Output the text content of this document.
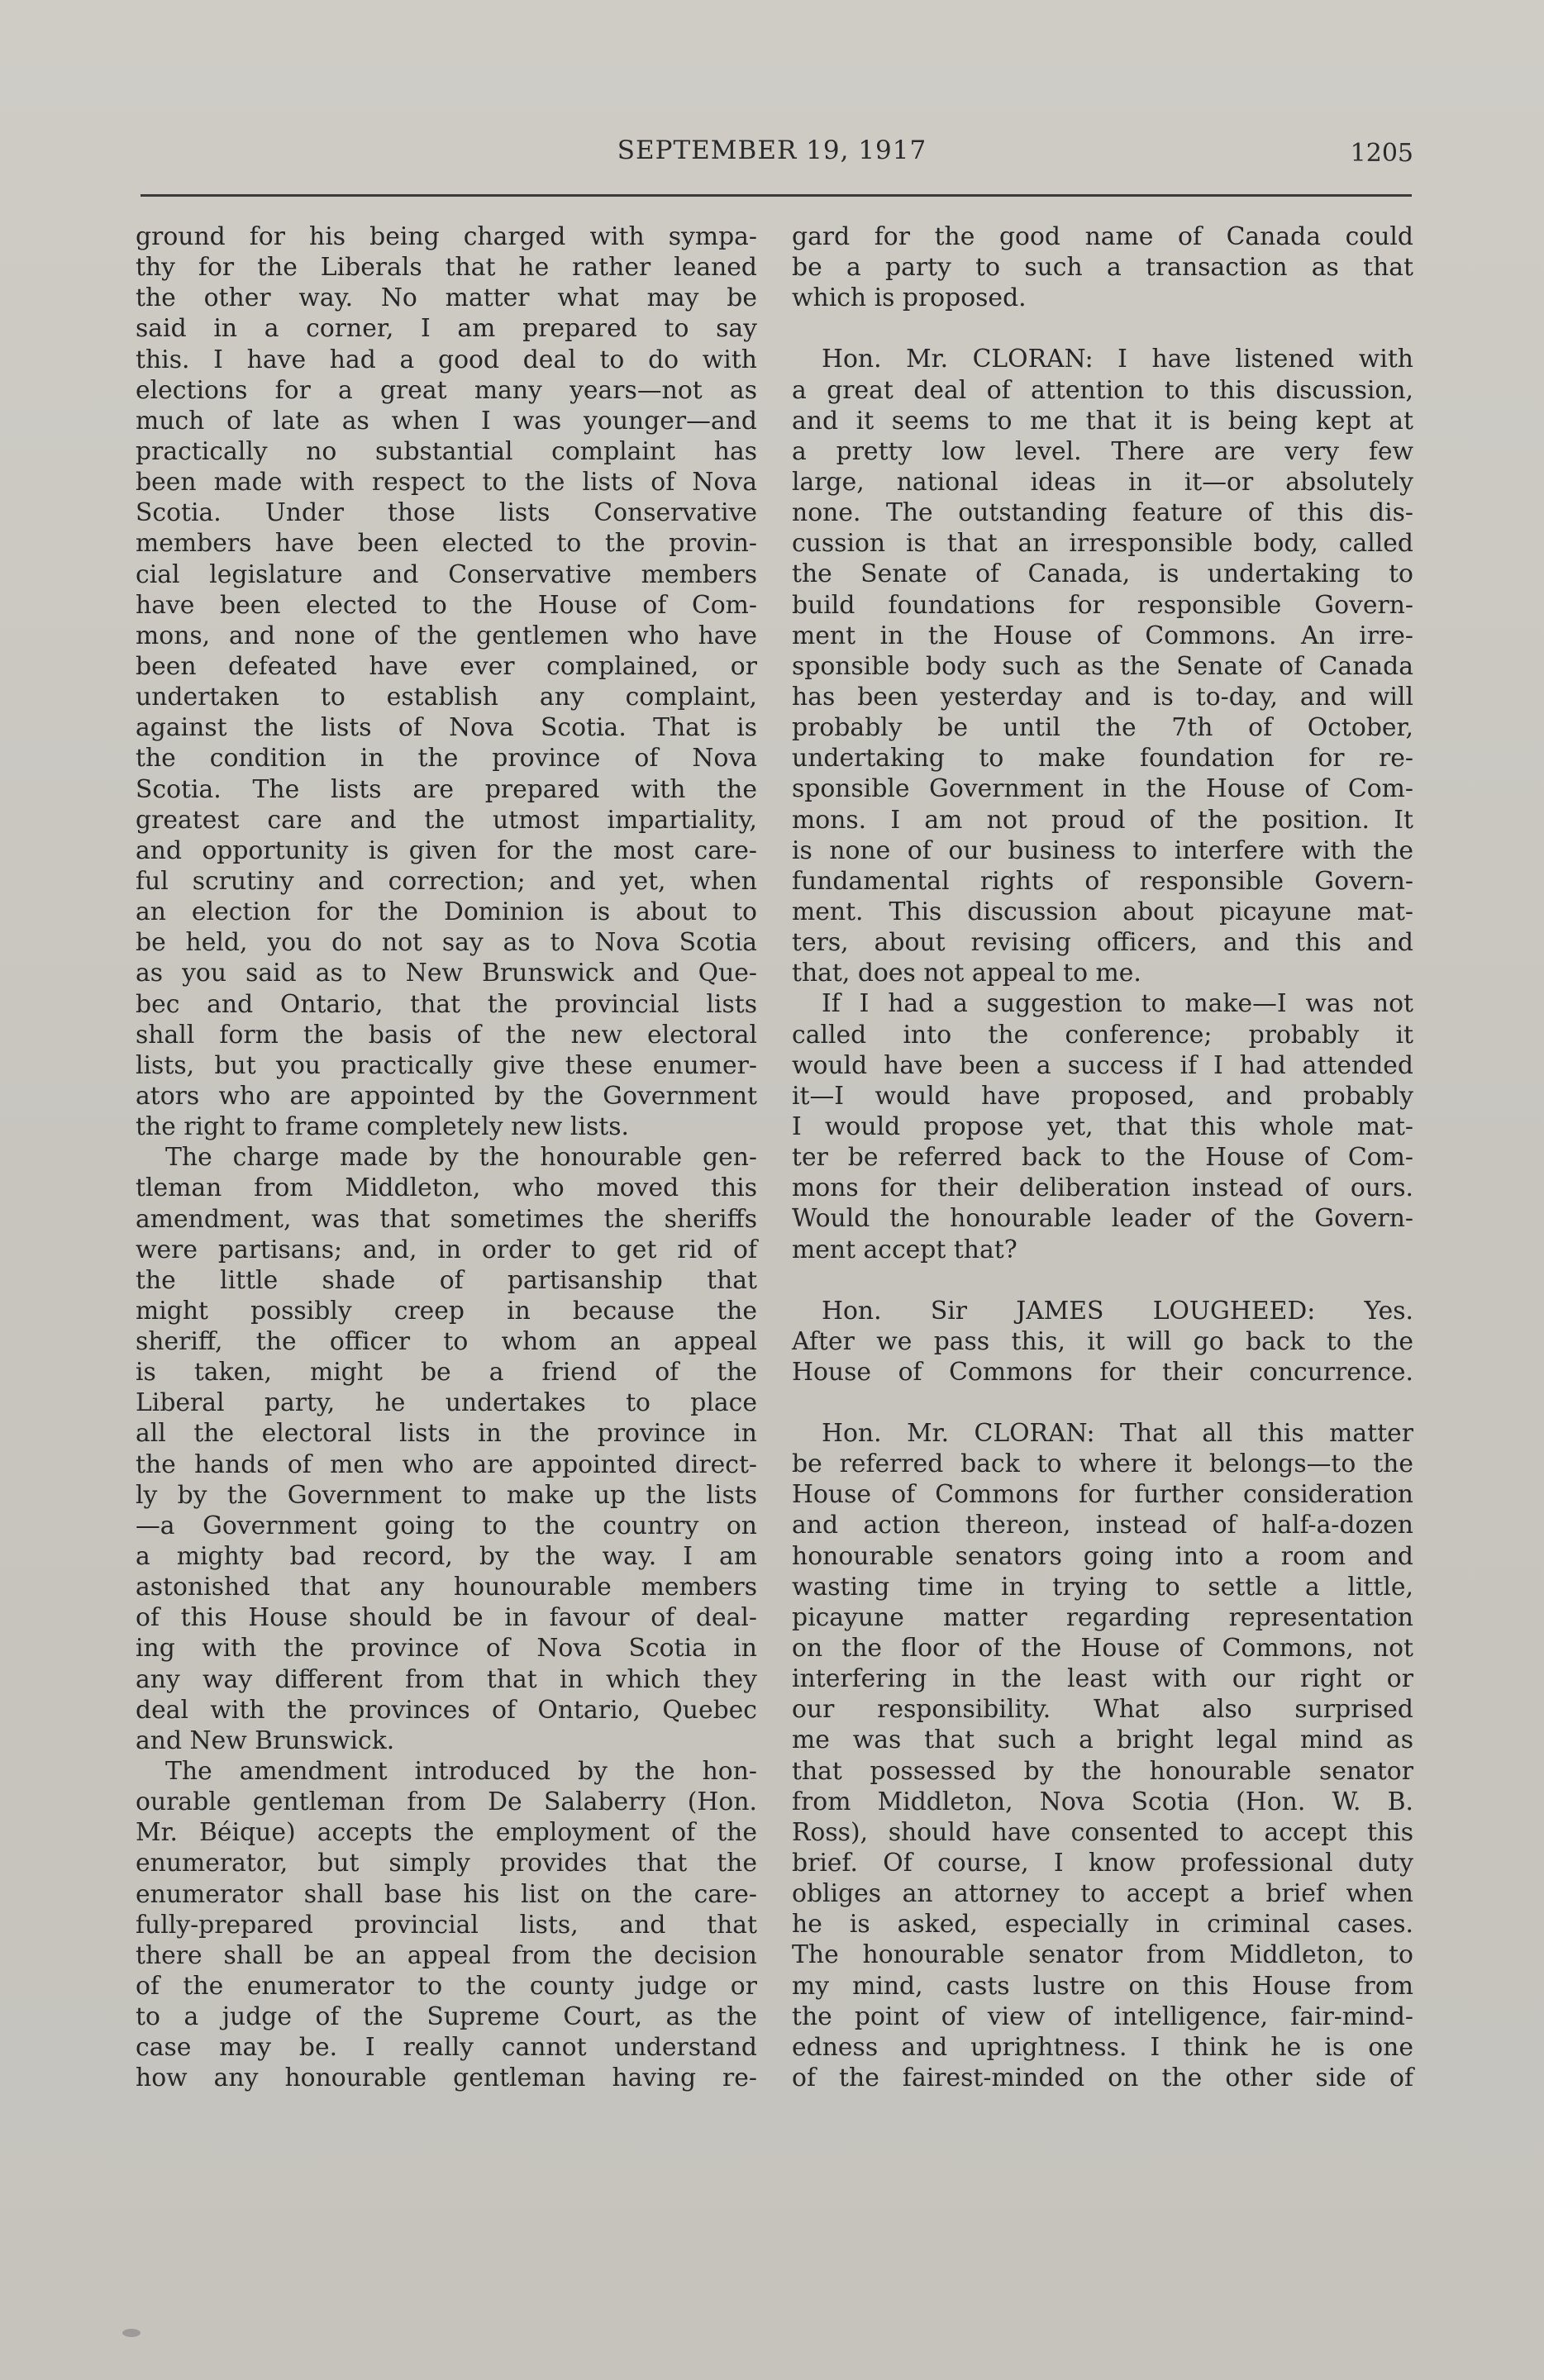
SEPTEMBER 19, 1917	1205
ground for his being charged with sympa-
thy for the Liberals that he rather leaned
the other way. No matter what may be
said in a corner, I am prepared to say
this. I have had a good deal to do with
elections for a great many years—not as
much of late as when I was younger—and
practically no substantial complaint has
been made with respect to the lists of Nova
Scotia. Under those lists Conservative
members have been elected to the provin-
cial legislature and Conservative members
have been elected to the House of Com-
mons, and none of the gentlemen who have
been defeated have ever complained, or
undertaken to establish any complaint,
against the lists of Nova Scotia. That is
the condition in the province of Nova
Scotia. The lists are prepared with the
greatest care and the utmost impartiality,
and opportunity is given for the most care-
ful scrutiny and correction; and yet, when
an election for the Dominion is about to
be held, you do not say as to Nova Scotia
as you said as to New Brunswick and Que-
bec and Ontario, that the provincial lists
shall form the basis of the new electoral
lists, but you practically give these enumer-
ators who are appointed by the Government
the right to frame completely new lists.
The charge made by the honourable gen-
tleman from Middleton, who moved this
amendment, was that sometimes the sheriffs
were partisans; and, in order to get rid of
the little shade of partisanship that
might possibly creep in because the
sheriff, the officer to whom an appeal
is taken, might be a friend of the
Liberal party, he undertakes to place
all the electoral lists in the province in
the hands of men who are appointed direct-
ly by the Government to make up the lists
—a Government going to the country on
a mighty bad record, by the way. I am
astonished that any hounourable members
of this House should be in favour of deal-
ing with the province of Nova Scotia in
any way different from that in which they
deal with the provinces of Ontario, Quebec
and New Brunswick.
The amendment introduced by the hon-
ourable gentleman from De Salaberry (Hon.
Mr. Béique) accepts the employment of the
enumerator, but simply provides that the
enumerator shall base his list on the care-
fully-prepared provincial lists, and that
there shall be an appeal from the decision
of the enumerator to the county judge or
to a judge of the Supreme Court, as the
case may be. I really cannot understand
how any honourable gentleman having re-
gard for the good name of Canada could
be a party to such a transaction as that
which is proposed.
Hon. Mr. CLORAN: I have listened with
a great deal of attention to this discussion,
and it seems to me that it is being kept at
a pretty low level. There are very few
large, national ideas in it—or absolutely
none. The outstanding feature of this dis-
cussion is that an irresponsible body, called
the Senate of Canada, is undertaking to
build foundations for responsible Govern-
ment in the House of Commons. An irre-
sponsible body such as the Senate of Canada
has been yesterday and is to-day, and will
probably be until the 7th of October,
undertaking to make foundation for re-
sponsible Government in the House of Com-
mons. I am not proud of the position. It
is none of our business to interfere with the
fundamental rights of responsible Govern-
ment. This discussion about picayune mat-
ters, about revising officers, and this and
that, does not appeal to me.
If I had a suggestion to make—I was not
called into the conference; probably it
would have been a success if I had attended
it—I would have proposed, and probably
I would propose yet, that this whole mat-
ter be referred back to the House of Com-
mons for their deliberation instead of ours.
Would the honourable leader of the Govern-
ment accept that?
Hon. Sir JAMES LOUGHEED: Yes.
After we pass this, it will go back to the
House of Commons for their concurrence.
Hon. Mr. CLORAN: That all this matter
be referred back to where it belongs—to the
House of Commons for further consideration
and action thereon, instead of half-a-dozen
honourable senators going into a room and
wasting time in trying to settle a little,
picayune matter regarding representation
on the floor of the House of Commons, not
interfering in the least with our right or
our responsibility. What also surprised
me was that such a bright legal mind as
that possessed by the honourable senator
from Middleton, Nova Scotia (Hon. W. B.
Ross), should have consented to accept this
brief. Of course, I know professional duty
obliges an attorney to accept a brief when
he is asked, especially in criminal cases.
The honourable senator from Middleton, to
my mind, casts lustre on this House from
the point of view of intelligence, fair-mind-
edness and uprightness. I think he is one
of the fairest-minded on the other side of
